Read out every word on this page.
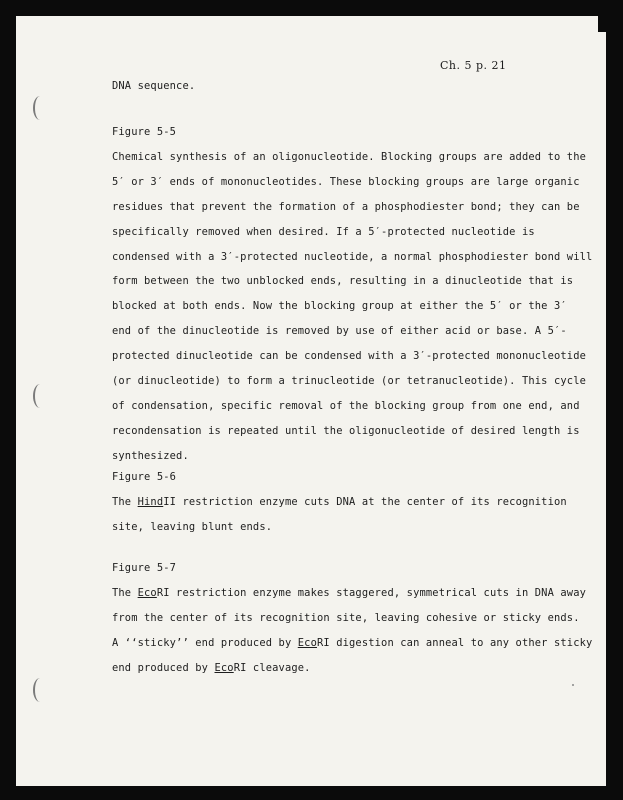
Ch. 5 p. 21
DNA sequence.
Figure 5-5
Chemical synthesis of an oligonucleotide. Blocking groups are added to the
5′ or 3′ ends of mononucleotides. These blocking groups are large organic
residues that prevent the formation of a phosphodiester bond; they can be
specifically removed when desired. If a 5′-protected nucleotide is
condensed with a 3′-protected nucleotide, a normal phosphodiester bond will
form between the two unblocked ends, resulting in a dinucleotide that is
blocked at both ends. Now the blocking group at either the 5′ or the 3′
end of the dinucleotide is removed by use of either acid or base. A 5′-
protected dinucleotide can be condensed with a 3′-protected mononucleotide
(or dinucleotide) to form a trinucleotide (or tetranucleotide). This cycle
of condensation, specific removal of the blocking group from one end, and
recondensation is repeated until the oligonucleotide of desired length is
synthesized.
Figure 5-6
The HindII restriction enzyme cuts DNA at the center of its recognition
site, leaving blunt ends.
Figure 5-7
The EcoRI restriction enzyme makes staggered, symmetrical cuts in DNA away
from the center of its recognition site, leaving cohesive or sticky ends.
A ‘‘sticky’’ end produced by EcoRI digestion can anneal to any other sticky
end produced by EcoRI cleavage.
